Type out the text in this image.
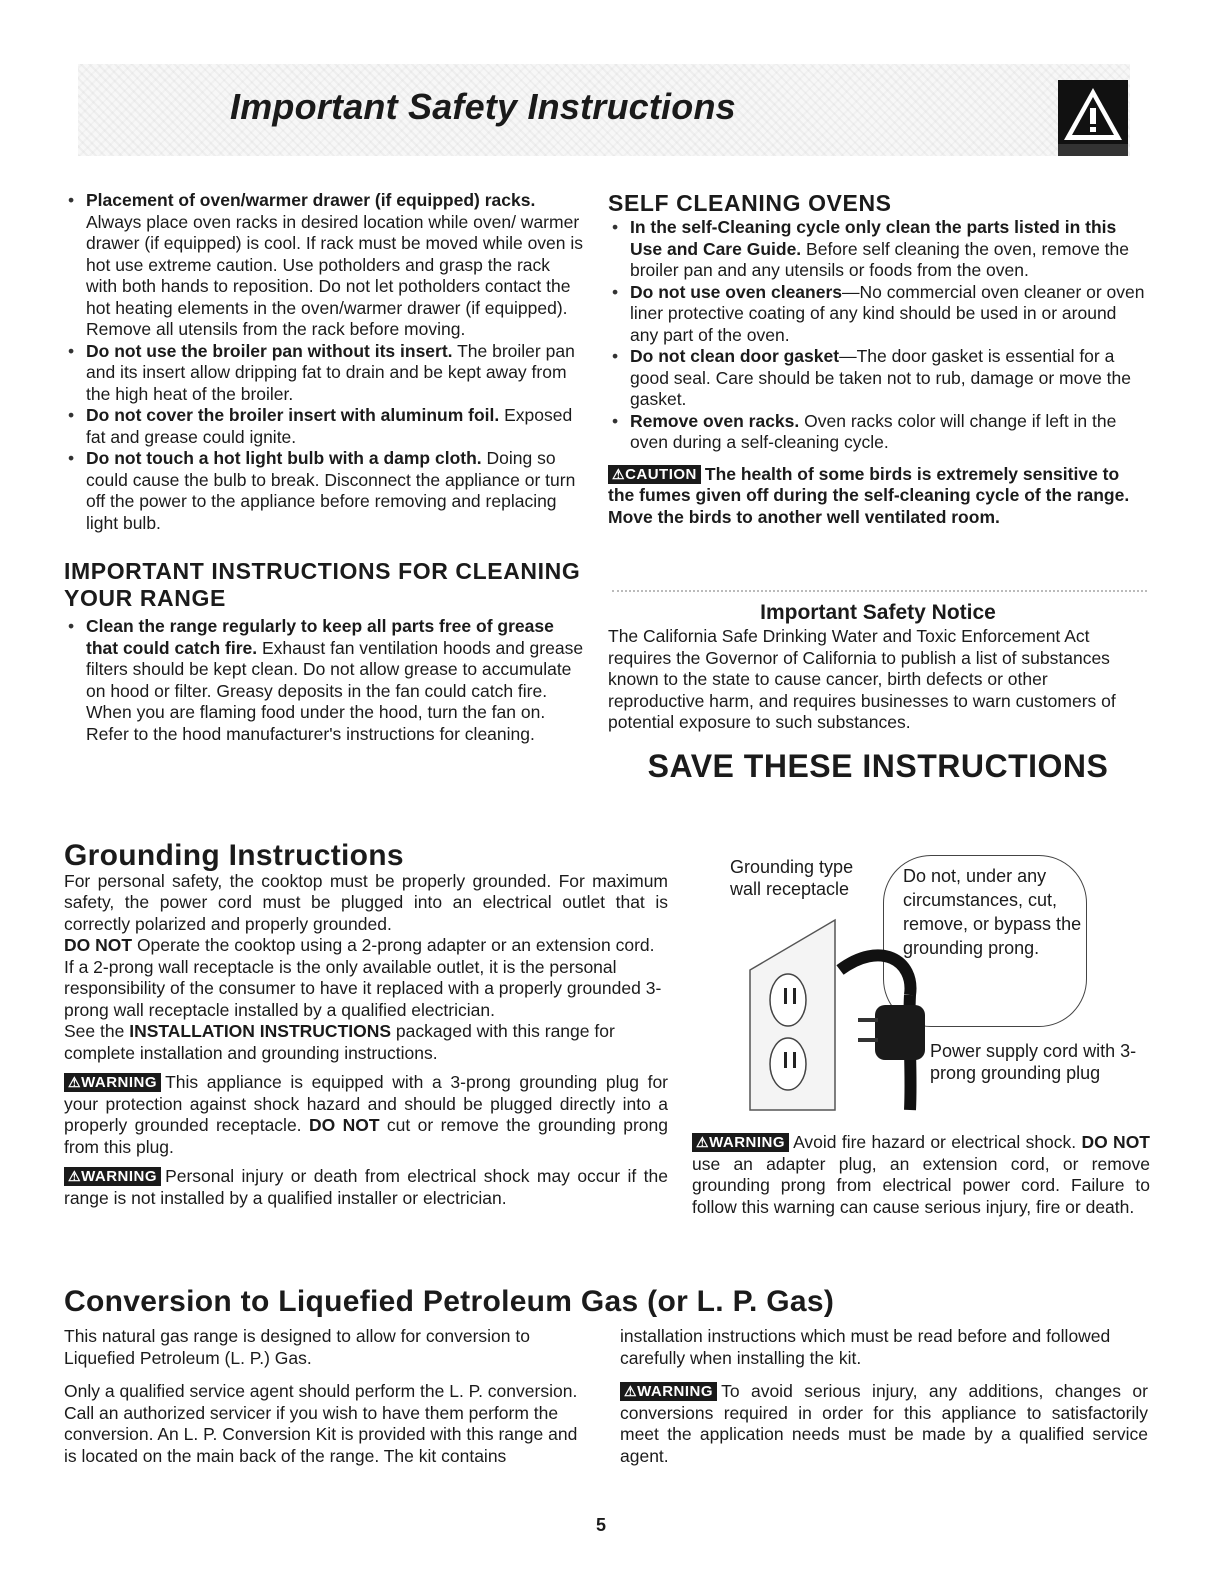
Important Safety Instructions
• Placement of oven/warmer drawer (if equipped) racks. Always place oven racks in desired location while oven/ warmer drawer (if equipped) is cool. If rack must be moved while oven is hot use extreme caution. Use potholders and grasp the rack with both hands to reposition. Do not let potholders contact the hot heating elements in the oven/warmer drawer (if equipped). Remove all utensils from the rack before moving.
• Do not use the broiler pan without its insert. The broiler pan and its insert allow dripping fat to drain and be kept away from the high heat of the broiler.
• Do not cover the broiler insert with aluminum foil. Exposed fat and grease could ignite.
• Do not touch a hot light bulb with a damp cloth. Doing so could cause the bulb to break. Disconnect the appliance or turn off the power to the appliance before removing and replacing light bulb.
IMPORTANT INSTRUCTIONS FOR CLEANING YOUR RANGE
• Clean the range regularly to keep all parts free of grease that could catch fire. Exhaust fan ventilation hoods and grease filters should be kept clean. Do not allow grease to accumulate on hood or filter. Greasy deposits in the fan could catch fire. When you are flaming food under the hood, turn the fan on. Refer to the hood manufacturer's instructions for cleaning.
SELF CLEANING OVENS
• In the self-Cleaning cycle only clean the parts listed in this Use and Care Guide. Before self cleaning the oven, remove the broiler pan and any utensils or foods from the oven.
• Do not use oven cleaners—No commercial oven cleaner or oven liner protective coating of any kind should be used in or around any part of the oven.
• Do not clean door gasket—The door gasket is essential for a good seal. Care should be taken not to rub, damage or move the gasket.
• Remove oven racks. Oven racks color will change if left in the oven during a self-cleaning cycle.

⚠CAUTION The health of some birds is extremely sensitive to the fumes given off during the self-cleaning cycle of the range. Move the birds to another well ventilated room.

Important Safety Notice

The California Safe Drinking Water and Toxic Enforcement Act requires the Governor of California to publish a list of substances known to the state to cause cancer, birth defects or other reproductive harm, and requires businesses to warn customers of potential exposure to such substances.

SAVE THESE INSTRUCTIONS
Grounding Instructions

For personal safety, the cooktop must be properly grounded. For maximum safety, the power cord must be plugged into an electrical outlet that is correctly polarized and properly grounded.

DO NOT Operate the cooktop using a 2-prong adapter or an extension cord. If a 2-prong wall receptacle is the only available outlet, it is the personal responsibility of the consumer to have it replaced with a properly grounded 3-prong wall receptacle installed by a qualified electrician.

See the INSTALLATION INSTRUCTIONS packaged with this range for complete installation and grounding instructions.

⚠WARNING This appliance is equipped with a 3-prong grounding plug for your protection against shock hazard and should be plugged directly into a properly grounded receptacle. DO NOT cut or remove the grounding prong from this plug.

⚠WARNING Personal injury or death from electrical shock may occur if the range is not installed by a qualified installer or electrician.

Grounding type wall receptacle
Do not, under any circumstances, cut, remove, or bypass the grounding prong.
Power supply cord with 3-prong grounding plug

⚠WARNING Avoid fire hazard or electrical shock. DO NOT use an adapter plug, an extension cord, or remove grounding prong from electrical power cord. Failure to follow this warning can cause serious injury, fire or death.

Conversion to Liquefied Petroleum Gas (or L. P. Gas)

This natural gas range is designed to allow for conversion to Liquefied Petroleum (L. P.) Gas.

Only a qualified service agent should perform the L. P. conversion. Call an authorized servicer if you wish to have them perform the conversion. An L. P. Conversion Kit is provided with this range and is located on the main back of the range. The kit contains

installation instructions which must be read before and followed carefully when installing the kit.

⚠WARNING To avoid serious injury, any additions, changes or conversions required in order for this appliance to satisfactorily meet the application needs must be made by a qualified service agent.

5
